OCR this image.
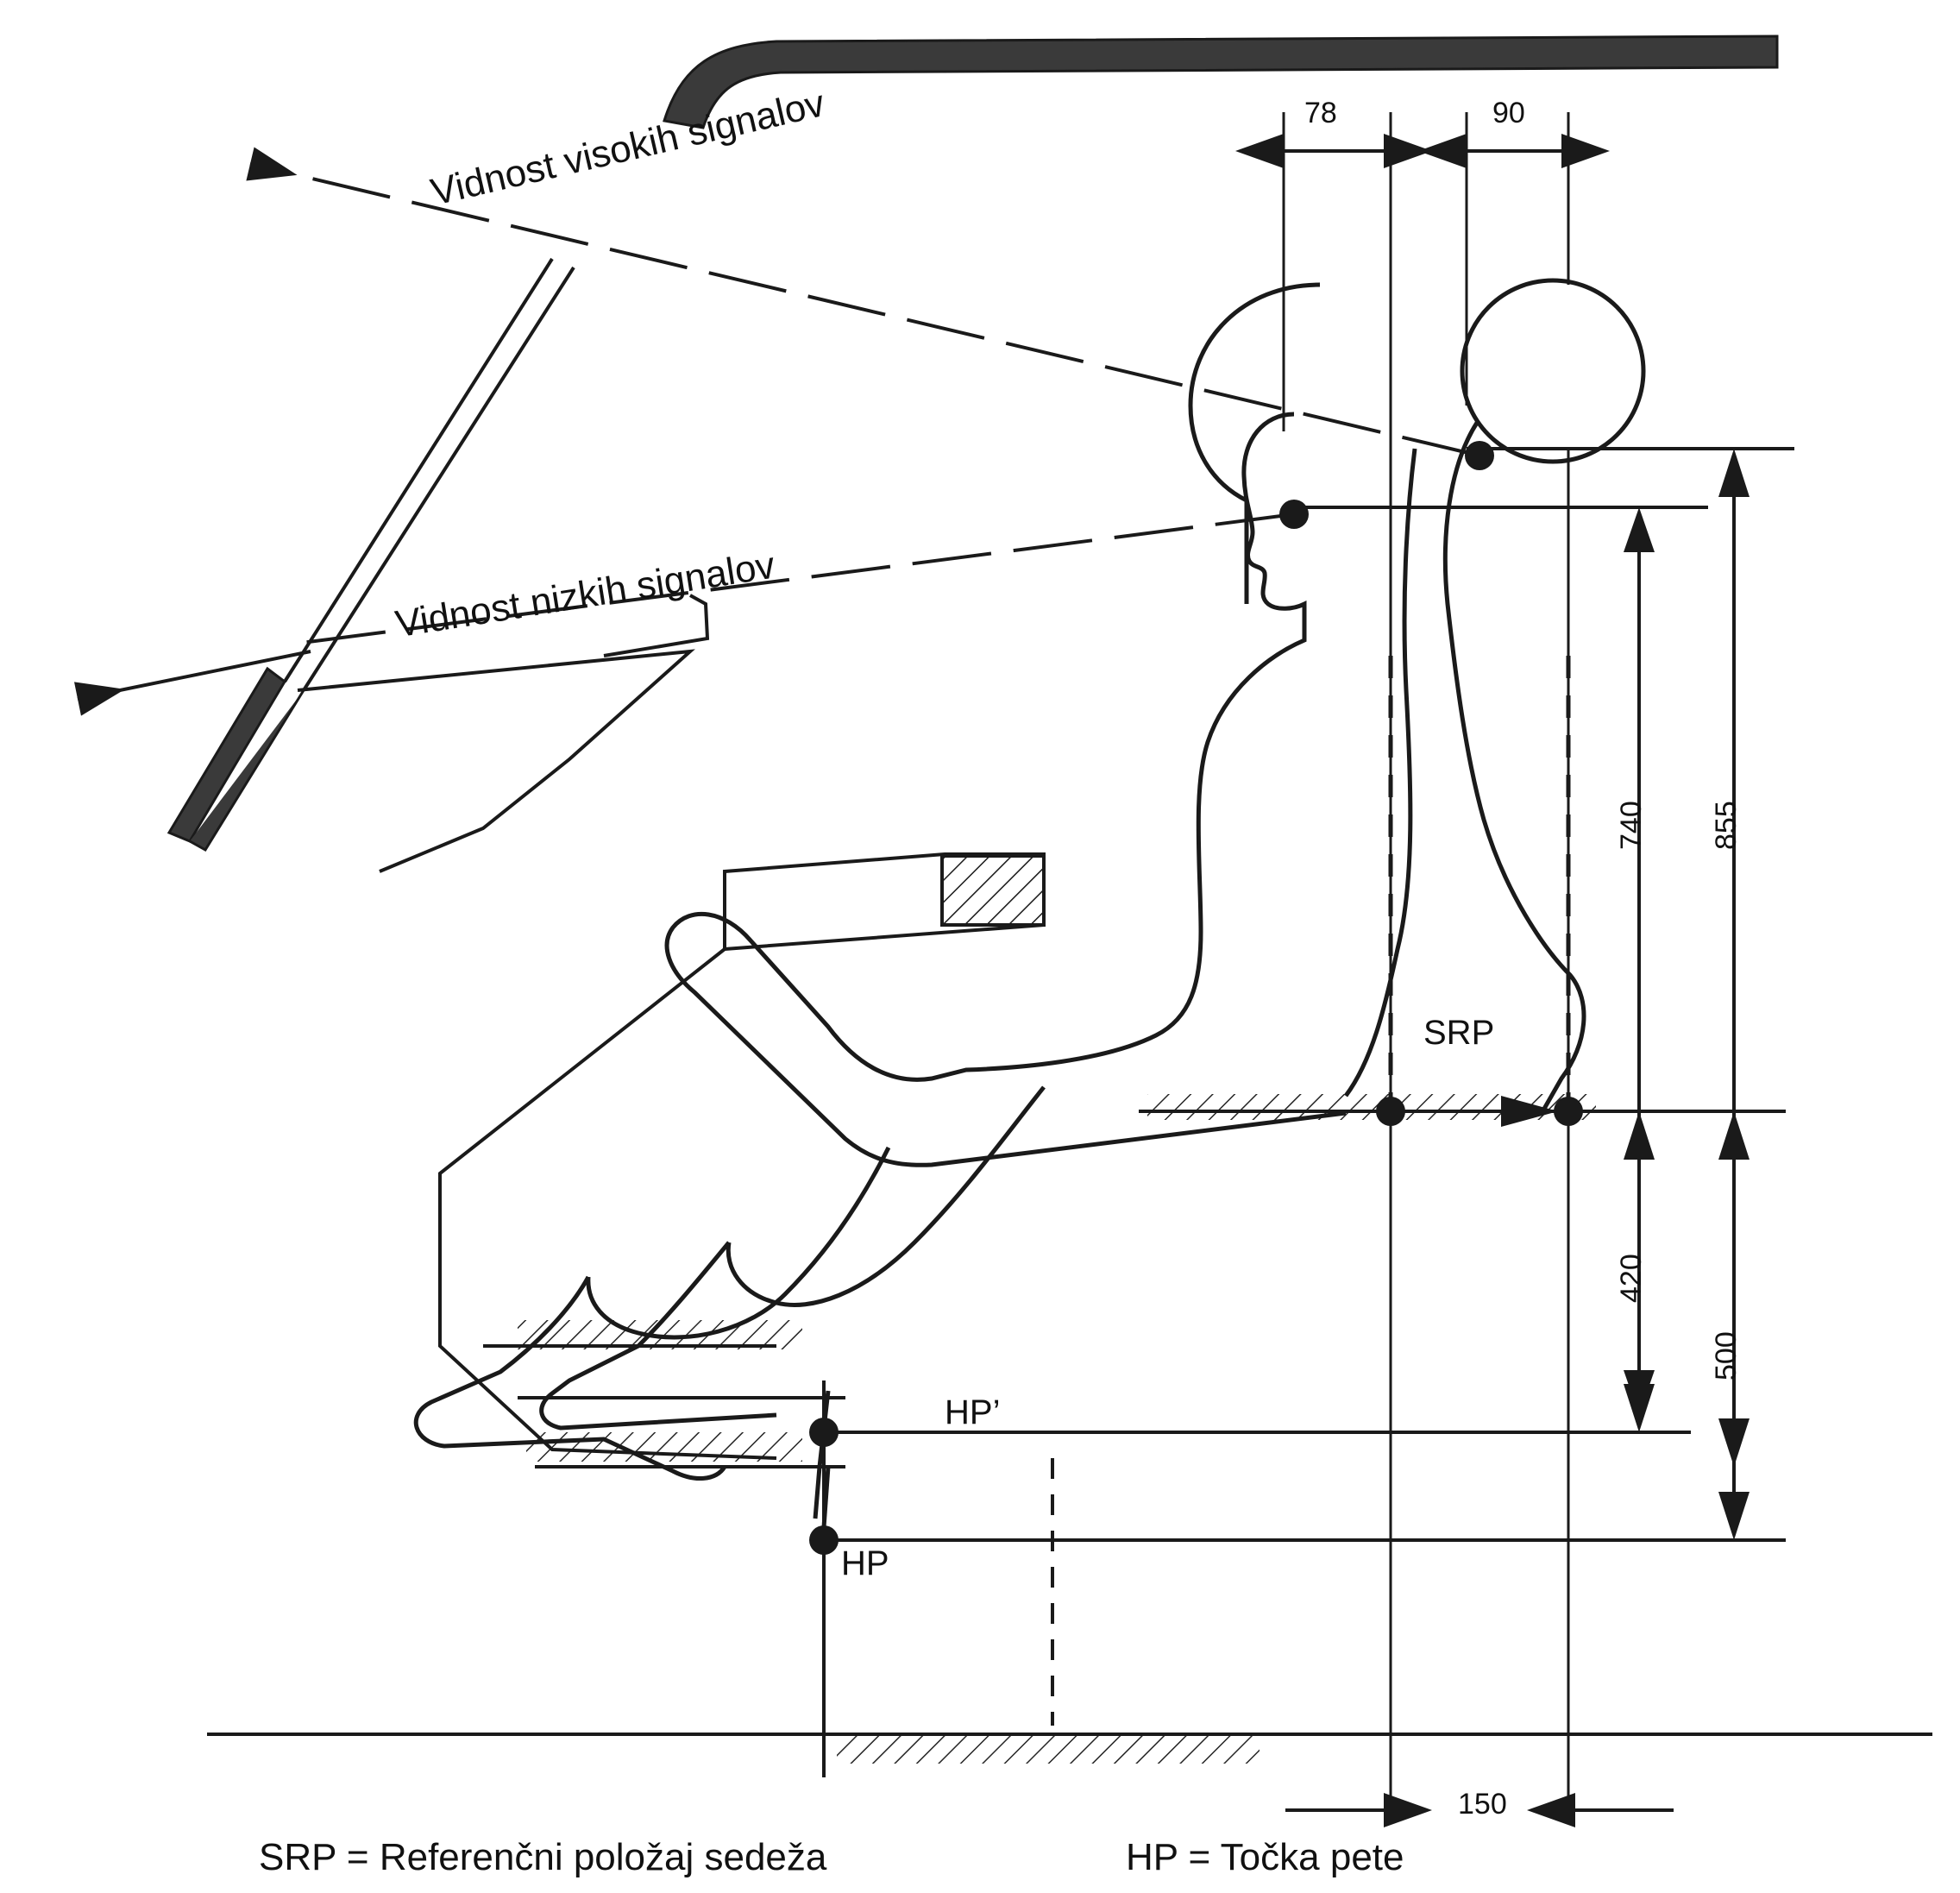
Vidnost visokih signalov
Vidnost nizkih signalov
78	90
740 855
420
500
150
SRP
HP’
HP
SRP = Referenčni položaj sedeža	HP = Točka pete
